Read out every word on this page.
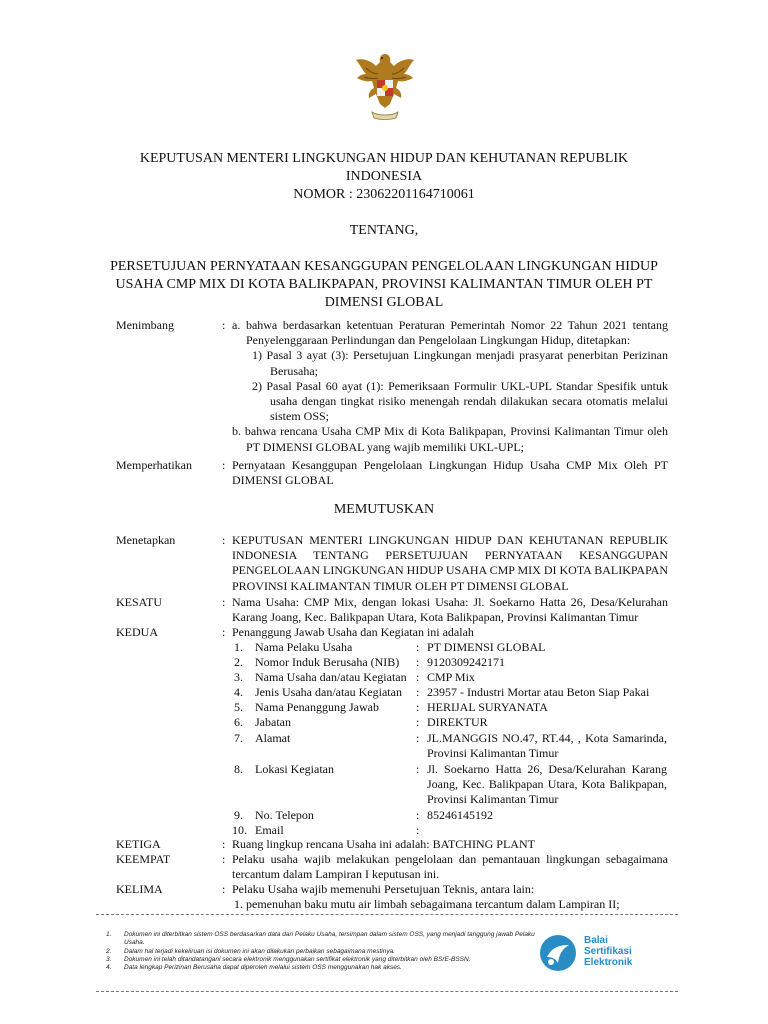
KEPUTUSAN MENTERI LINGKUNGAN HIDUP DAN KEHUTANAN REPUBLIK
INDONESIA
NOMOR : 23062201164710061
TENTANG,
PERSETUJUAN PERNYATAAN KESANGGUPAN PENGELOLAAN LINGKUNGAN HIDUP
USAHA CMP MIX DI KOTA BALIKPAPAN, PROVINSI KALIMANTAN TIMUR OLEH PT
DIMENSI GLOBAL
Menimbang	: a. bahwa berdasarkan ketentuan Peraturan Pemerintah Nomor 22 Tahun 2021 tentang

Penyelenggaraan Perlindungan dan Pengelolaan Lingkungan Hidup, ditetapkan:

1) Pasal 3 ayat (3): Persetujuan Lingkungan menjadi prasyarat penerbitan Perizinan Berusaha;

2) Pasal Pasal 60 ayat (1): Pemeriksaan Formulir UKL-UPL Standar Spesifik untuk usaha dengan tingkat risiko menengah rendah dilakukan secara otomatis melalui sistem OSS;

b. bahwa rencana Usaha CMP Mix di Kota Balikpapan, Provinsi Kalimantan Timur oleh

PT DIMENSI GLOBAL yang wajib memiliki UKL-UPL;

Memperhatikan	: Pernyataan Kesanggupan Pengelolaan Lingkungan Hidup Usaha CMP Mix Oleh PT DIMENSI GLOBAL

MEMUTUSKAN
Menetapkan	: KEPUTUSAN MENTERI LINGKUNGAN HIDUP DAN KEHUTANAN REPUBLIK INDONESIA TENTANG PERSETUJUAN PERNYATAAN KESANGGUPAN PENGELOLAAN LINGKUNGAN HIDUP USAHA CMP MIX DI KOTA BALIKPAPAN PROVINSI KALIMANTAN TIMUR OLEH PT DIMENSI GLOBAL

KESATU	: Nama Usaha: CMP Mix, dengan lokasi Usaha: Jl. Soekarno Hatta 26, Desa/Kelurahan Karang Joang, Kec. Balikpapan Utara, Kota Balikpapan, Provinsi Kalimantan Timur

KEDUA	: Penanggung Jawab Usaha dan Kegiatan ini adalah

1. Nama Pelaku Usaha	: PT DIMENSI GLOBAL
2. Nomor Induk Berusaha (NIB) : 9120309242171
3. Nama Usaha dan/atau Kegiatan : CMP Mix
4. Jenis Usaha dan/atau Kegiatan : 23957 - Industri Mortar atau Beton Siap Pakai
5. Nama Penanggung Jawab	: HERIJAL SURYANATA
6. Jabatan	: DIREKTUR
7. Alamat	: JL.MANGGIS NO.47, RT.44, , Kota Samarinda, Provinsi Kalimantan Timur
8. Lokasi Kegiatan	: Jl. Soekarno Hatta 26, Desa/Kelurahan Karang Joang, Kec. Balikpapan Utara, Kota Balikpapan, Provinsi Kalimantan Timur
9. No. Telepon	: 85246145192
10. Email	:
KETIGA	: Ruang lingkup rencana Usaha ini adalah: BATCHING PLANT

KEEMPAT	: Pelaku usaha wajib melakukan pengelolaan dan pemantauan lingkungan sebagaimana tercantum dalam Lampiran I keputusan ini.

KELIMA	: Pelaku Usaha wajib memenuhi Persetujuan Teknis, antara lain:

1. pemenuhan baku mutu air limbah sebagaimana tercantum dalam Lampiran II;

1. Dokumen ini diterbitkan sistem OSS berdasarkan data dari Pelaku Usaha, tersimpan dalam sistem OSS, yang menjadi tanggung jawab Pelaku Usaha.
2. Dalam hal terjadi kekeliruan isi dokumen ini akan dilakukan perbaikan sebagaimana mestinya.
3. Dokumen ini telah ditandatangani secara elektronik menggunakan sertifikat elektronik yang diterbitkan oleh BSrE-BSSN.
4. Data lengkap Perizinan Berusaha dapat diperoleh melalui sistem OSS menggunakan hak akses.
Balai
Sertifikasi
Elektronik
